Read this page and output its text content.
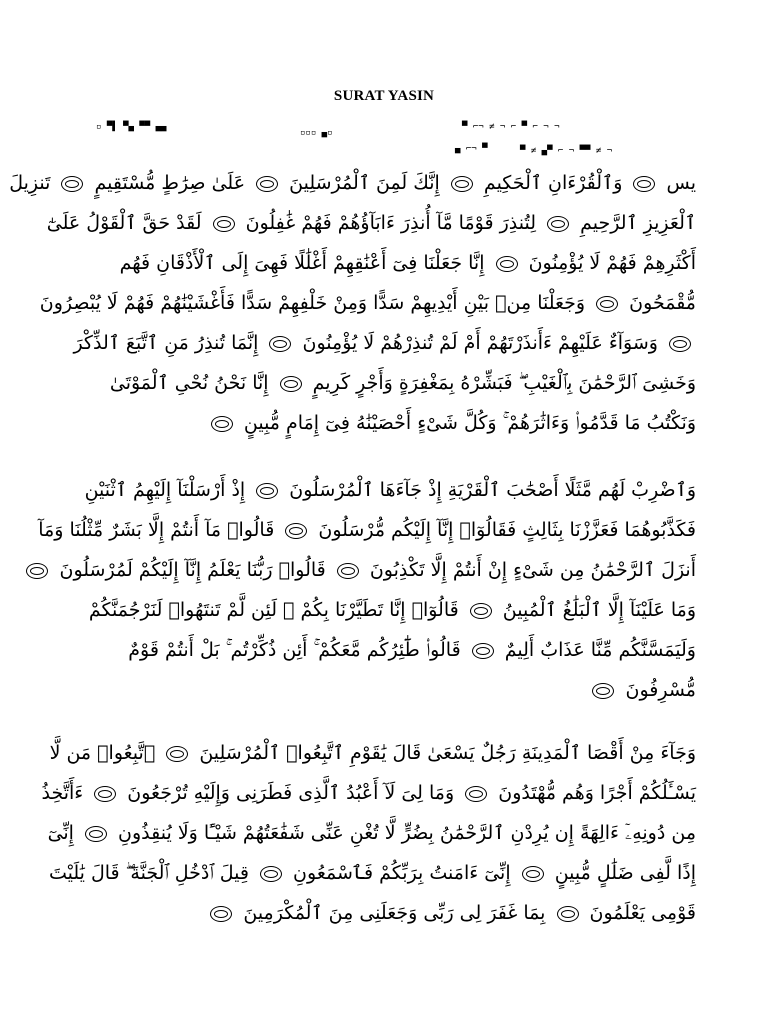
SURAT YASIN
▫ ▀▌ ▀▄ ▀▀ ▄▄
▫▫▫ ▄▫
▀ ⌐¬ ≠ ¬ ⌐ ▀ ⌐ ¬ ¬
▄ ⌐¬ ▀	▀ ≠ ▄▀ ⌐ ¬ ▀▀ ≠ ¬
يس  وَٱلْقُرْءَانِ ٱلْحَكِيمِ  إِنَّكَ لَمِنَ ٱلْمُرْسَلِينَ  عَلَىٰ صِرَٰطٍ مُّسْتَقِيمٍ  تَنزِيلَ
ٱلْعَزِيزِ ٱلرَّحِيمِ  لِتُنذِرَ قَوْمًا مَّآ أُنذِرَ ءَابَآؤُهُمْ فَهُمْ غَٰفِلُونَ  لَقَدْ حَقَّ ٱلْقَوْلُ عَلَىٰٓ
أَكْثَرِهِمْ فَهُمْ لَا يُؤْمِنُونَ  إِنَّا جَعَلْنَا فِىٓ أَعْنَٰقِهِمْ أَغْلَٰلًا فَهِىَ إِلَى ٱلْأَذْقَانِ فَهُم
مُّقْمَحُونَ  وَجَعَلْنَا مِنۢ بَيْنِ أَيْدِيهِمْ سَدًّا وَمِنْ خَلْفِهِمْ سَدًّا فَأَغْشَيْنَٰهُمْ فَهُمْ لَا يُبْصِرُونَ
وَسَوَآءٌ عَلَيْهِمْ ءَأَنذَرْتَهُمْ أَمْ لَمْ تُنذِرْهُمْ لَا يُؤْمِنُونَ  إِنَّمَا تُنذِرُ مَنِ ٱتَّبَعَ ٱلذِّكْرَ
وَخَشِىَ ٱلرَّحْمَٰنَ بِٱلْغَيْبِ ۖ فَبَشِّرْهُ بِمَغْفِرَةٍ وَأَجْرٍ كَرِيمٍ  إِنَّا نَحْنُ نُحْىِ ٱلْمَوْتَىٰ
وَنَكْتُبُ مَا قَدَّمُوا۟ وَءَاثَٰرَهُمْ ۚ وَكُلَّ شَىْءٍ أَحْصَيْنَٰهُ فِىٓ إِمَامٍ مُّبِينٍ
وَٱضْرِبْ لَهُم مَّثَلًا أَصْحَٰبَ ٱلْقَرْيَةِ إِذْ جَآءَهَا ٱلْمُرْسَلُونَ  إِذْ أَرْسَلْنَآ إِلَيْهِمُ ٱثْنَيْنِ
فَكَذَّبُوهُمَا فَعَزَّزْنَا بِثَالِثٍ فَقَالُوٓا۟ إِنَّآ إِلَيْكُم مُّرْسَلُونَ  قَالُوا۟ مَآ أَنتُمْ إِلَّا بَشَرٌ مِّثْلُنَا وَمَآ
أَنزَلَ ٱلرَّحْمَٰنُ مِن شَىْءٍ إِنْ أَنتُمْ إِلَّا تَكْذِبُونَ  قَالُوا۟ رَبُّنَا يَعْلَمُ إِنَّآ إِلَيْكُمْ لَمُرْسَلُونَ
وَمَا عَلَيْنَآ إِلَّا ٱلْبَلَٰغُ ٱلْمُبِينُ  قَالُوٓا۟ إِنَّا تَطَيَّرْنَا بِكُمْ ۖ لَئِن لَّمْ تَنتَهُوا۟ لَنَرْجُمَنَّكُمْ
وَلَيَمَسَّنَّكُم مِّنَّا عَذَابٌ أَلِيمٌ  قَالُوا۟ طَٰٓئِرُكُم مَّعَكُمْ ۚ أَئِن ذُكِّرْتُم ۚ بَلْ أَنتُمْ قَوْمٌ
مُّسْرِفُونَ
وَجَآءَ مِنْ أَقْصَا ٱلْمَدِينَةِ رَجُلٌ يَسْعَىٰ قَالَ يَٰقَوْمِ ٱتَّبِعُوا۟ ٱلْمُرْسَلِينَ  ٱتَّبِعُوا۟ مَن لَّا
يَسْـَٔلُكُمْ أَجْرًا وَهُم مُّهْتَدُونَ  وَمَا لِىَ لَآ أَعْبُدُ ٱلَّذِى فَطَرَنِى وَإِلَيْهِ تُرْجَعُونَ  ءَأَتَّخِذُ
مِن دُونِهِۦٓ ءَالِهَةً إِن يُرِدْنِ ٱلرَّحْمَٰنُ بِضُرٍّ لَّا تُغْنِ عَنِّى شَفَٰعَتُهُمْ شَيْـًٔا وَلَا يُنقِذُونِ  إِنِّىٓ
إِذًا لَّفِى ضَلَٰلٍ مُّبِينٍ  إِنِّىٓ ءَامَنتُ بِرَبِّكُمْ فَٱسْمَعُونِ  قِيلَ ٱدْخُلِ ٱلْجَنَّةَ ۖ قَالَ يَٰلَيْتَ
قَوْمِى يَعْلَمُونَ  بِمَا غَفَرَ لِى رَبِّى وَجَعَلَنِى مِنَ ٱلْمُكْرَمِينَ
